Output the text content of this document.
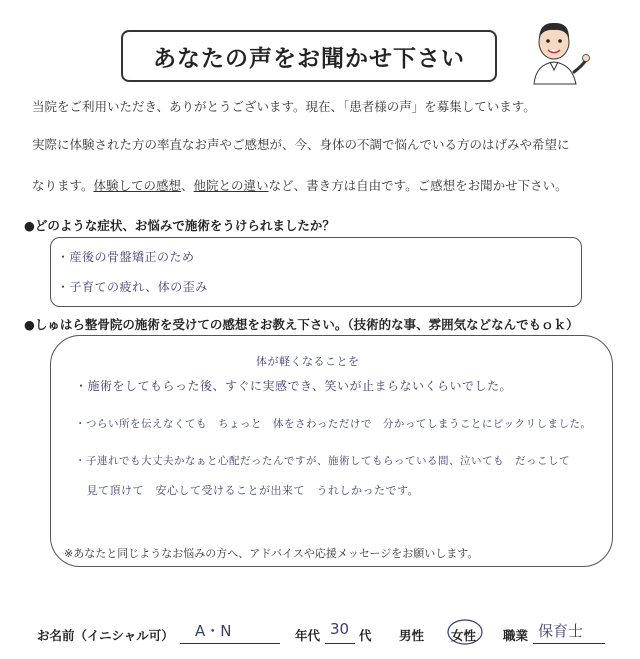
あなたの声をお聞かせ下さい
当院をご利用いただき、ありがとうございます。現在、「患者様の声」を募集しています。
実際に体験された方の率直なお声やご感想が、今、身体の不調で悩んでいる方のはげみや希望に
なります。体験しての感想、他院との違いなど、書き方は自由です。ご感想をお聞かせ下さい。
●どのような症状、お悩みで施術をうけられましたか？
・産後の骨盤矯正のため
・子育ての疲れ、体の歪み
●しゅはら整骨院の施術を受けての感想をお教え下さい。（技術的な事、雰囲気などなんでもｏｋ）
体が軽くなることを
・施術をしてもらった後、すぐに実感でき、笑いが止まらないくらいでした。
・つらい所を伝えなくても　ちょっと　体をさわっただけで　分かってしまうことにビックリしました。
・子連れでも大丈夫かなぁと心配だったんですが、施術してもらっている間、泣いても　だっこして
　見て頂けて　安心して受けることが出来て　うれしかったです。
※あなたと同じようなお悩みの方へ、アドバイスや応援メッセージをお願いします。
お名前（イニシャル可） A・N	年代 30 代 男性 女性 職業 保育士
